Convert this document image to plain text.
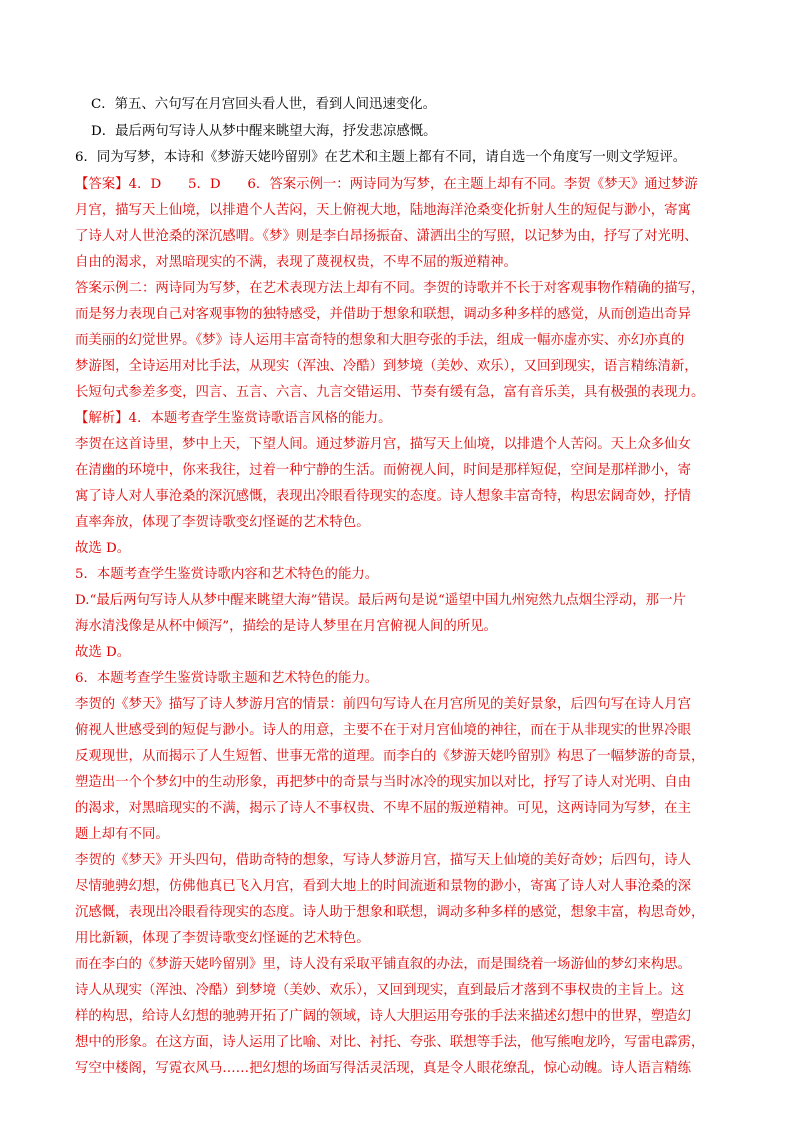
C．第五、六句写在月宫回头看人世，看到人间迅速变化。
D．最后两句写诗人从梦中醒来眺望大海，抒发悲凉感慨。
6．同为写梦，本诗和《梦游天姥吟留别》在艺术和主题上都有不同，请自选一个角度写一则文学短评。
【答案】4．D　　5．D　　6．答案示例一：两诗同为写梦，在主题上却有不同。李贺《梦天》通过梦游
月宫，描写天上仙境，以排遣个人苦闷，天上俯视大地，陆地海洋沧桑变化折射人生的短促与渺小，寄寓
了诗人对人世沧桑的深沉感喟。《梦》则是李白昂扬振奋、潇洒出尘的写照，以记梦为由，抒写了对光明、
自由的渴求，对黑暗现实的不满，表现了蔑视权贵，不卑不屈的叛逆精神。
答案示例二：两诗同为写梦，在艺术表现方法上却有不同。李贺的诗歌并不长于对客观事物作精确的描写，
而是努力表现自己对客观事物的独特感受，并借助于想象和联想，调动多种多样的感觉，从而创造出奇异
而美丽的幻觉世界。《梦》诗人运用丰富奇特的想象和大胆夸张的手法，组成一幅亦虚亦实、亦幻亦真的
梦游图，全诗运用对比手法，从现实（浑浊、冷酷）到梦境（美妙、欢乐），又回到现实，语言精练清新，
长短句式参差多变，四言、五言、六言、九言交错运用、节奏有缓有急，富有音乐美，具有极强的表现力。
【解析】4．本题考查学生鉴赏诗歌语言风格的能力。
李贺在这首诗里，梦中上天，下望人间。通过梦游月宫，描写天上仙境，以排遣个人苦闷。天上众多仙女
在清幽的环境中，你来我往，过着一种宁静的生活。而俯视人间，时间是那样短促，空间是那样渺小，寄
寓了诗人对人事沧桑的深沉感慨，表现出冷眼看待现实的态度。诗人想象丰富奇特，构思宏阔奇妙，抒情
直率奔放，体现了李贺诗歌变幻怪诞的艺术特色。
故选 D。
5．本题考查学生鉴赏诗歌内容和艺术特色的能力。
D.“最后两句写诗人从梦中醒来眺望大海”错误。最后两句是说“遥望中国九州宛然九点烟尘浮动，那一片
海水清浅像是从杯中倾泻”，描绘的是诗人梦里在月宫俯视人间的所见。
故选 D。
6．本题考查学生鉴赏诗歌主题和艺术特色的能力。
李贺的《梦天》描写了诗人梦游月宫的情景：前四句写诗人在月宫所见的美好景象，后四句写在诗人月宫
俯视人世感受到的短促与渺小。诗人的用意，主要不在于对月宫仙境的神往，而在于从非现实的世界冷眼
反观现世，从而揭示了人生短暂、世事无常的道理。而李白的《梦游天姥吟留别》构思了一幅梦游的奇景，
塑造出一个个梦幻中的生动形象，再把梦中的奇景与当时冰冷的现实加以对比，抒写了诗人对光明、自由
的渴求，对黑暗现实的不满，揭示了诗人不事权贵、不卑不屈的叛逆精神。可见，这两诗同为写梦，在主
题上却有不同。
李贺的《梦天》开头四句，借助奇特的想象，写诗人梦游月宫，描写天上仙境的美好奇妙；后四句，诗人
尽情驰骋幻想，仿佛他真已飞入月宫，看到大地上的时间流逝和景物的渺小，寄寓了诗人对人事沧桑的深
沉感慨，表现出冷眼看待现实的态度。诗人助于想象和联想，调动多种多样的感觉，想象丰富，构思奇妙，
用比新颖，体现了李贺诗歌变幻怪诞的艺术特色。
而在李白的《梦游天姥吟留别》里，诗人没有采取平铺直叙的办法，而是围绕着一场游仙的梦幻来构思。
诗人从现实（浑浊、冷酷）到梦境（美妙、欢乐），又回到现实，直到最后才落到不事权贵的主旨上。这
样的构思，给诗人幻想的驰骋开拓了广阔的领域，诗人大胆运用夸张的手法来描述幻想中的世界，塑造幻
想中的形象。在这方面，诗人运用了比喻、对比、衬托、夸张、联想等手法，他写熊咆龙吟，写雷电霹雳，
写空中楼阁，写霓衣风马……把幻想的场面写得活灵活现，真是令人眼花缭乱，惊心动魄。诗人语言精练
